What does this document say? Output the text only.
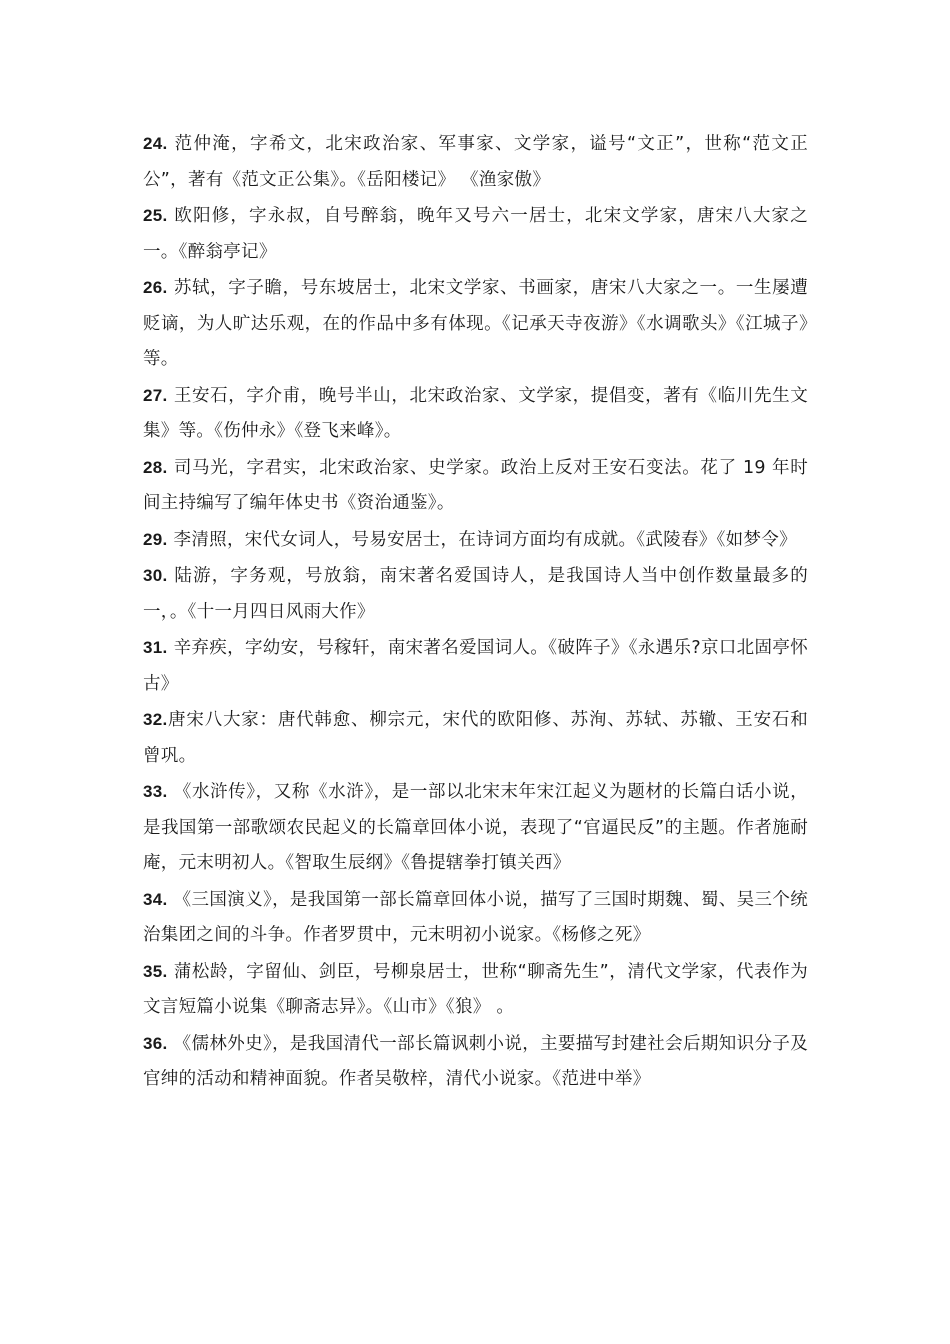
24. 范仲淹，字希文，北宋政治家、军事家、文学家，谥号“文正”，世称“范文正公”，著有《范文正公集》。《岳阳楼记》 《渔家傲》

25. 欧阳修，字永叔，自号醉翁，晚年又号六一居士，北宋文学家，唐宋八大家之一。《醉翁亭记》

26. 苏轼，字子瞻，号东坡居士，北宋文学家、书画家，唐宋八大家之一。一生屡遭贬谪，为人旷达乐观，在的作品中多有体现。《记承天寺夜游》《水调歌头》《江城子》等。

27. 王安石，字介甫，晚号半山，北宋政治家、文学家，提倡变，著有《临川先生文集》等。《伤仲永》《登飞来峰》。

28. 司马光，字君实，北宋政治家、史学家。政治上反对王安石变法。花了 19 年时间主持编写了编年体史书《资治通鉴》。

29. 李清照，宋代女词人，号易安居士，在诗词方面均有成就。《武陵春》《如梦令》

30. 陆游，字务观，号放翁，南宋著名爱国诗人，是我国诗人当中创作数量最多的一，。《十一月四日风雨大作》

31. 辛弃疾，字幼安，号稼轩，南宋著名爱国词人。《破阵子》《永遇乐?京口北固亭怀古》

32.唐宋八大家：唐代韩愈、柳宗元，宋代的欧阳修、苏洵、苏轼、苏辙、王安石和曾巩。

33. 《水浒传》，又称《水浒》，是一部以北宋末年宋江起义为题材的长篇白话小说，是我国第一部歌颂农民起义的长篇章回体小说，表现了“官逼民反”的主题。作者施耐庵，元末明初人。《智取生辰纲》《鲁提辖拳打镇关西》

34. 《三国演义》，是我国第一部长篇章回体小说，描写了三国时期魏、蜀、吴三个统治集团之间的斗争。作者罗贯中，元末明初小说家。《杨修之死》

35. 蒲松龄，字留仙、剑臣，号柳泉居士，世称“聊斋先生”，清代文学家，代表作为文言短篇小说集《聊斋志异》。《山市》《狼》 。

36. 《儒林外史》，是我国清代一部长篇讽刺小说，主要描写封建社会后期知识分子及官绅的活动和精神面貌。作者吴敬梓，清代小说家。《范进中举》
